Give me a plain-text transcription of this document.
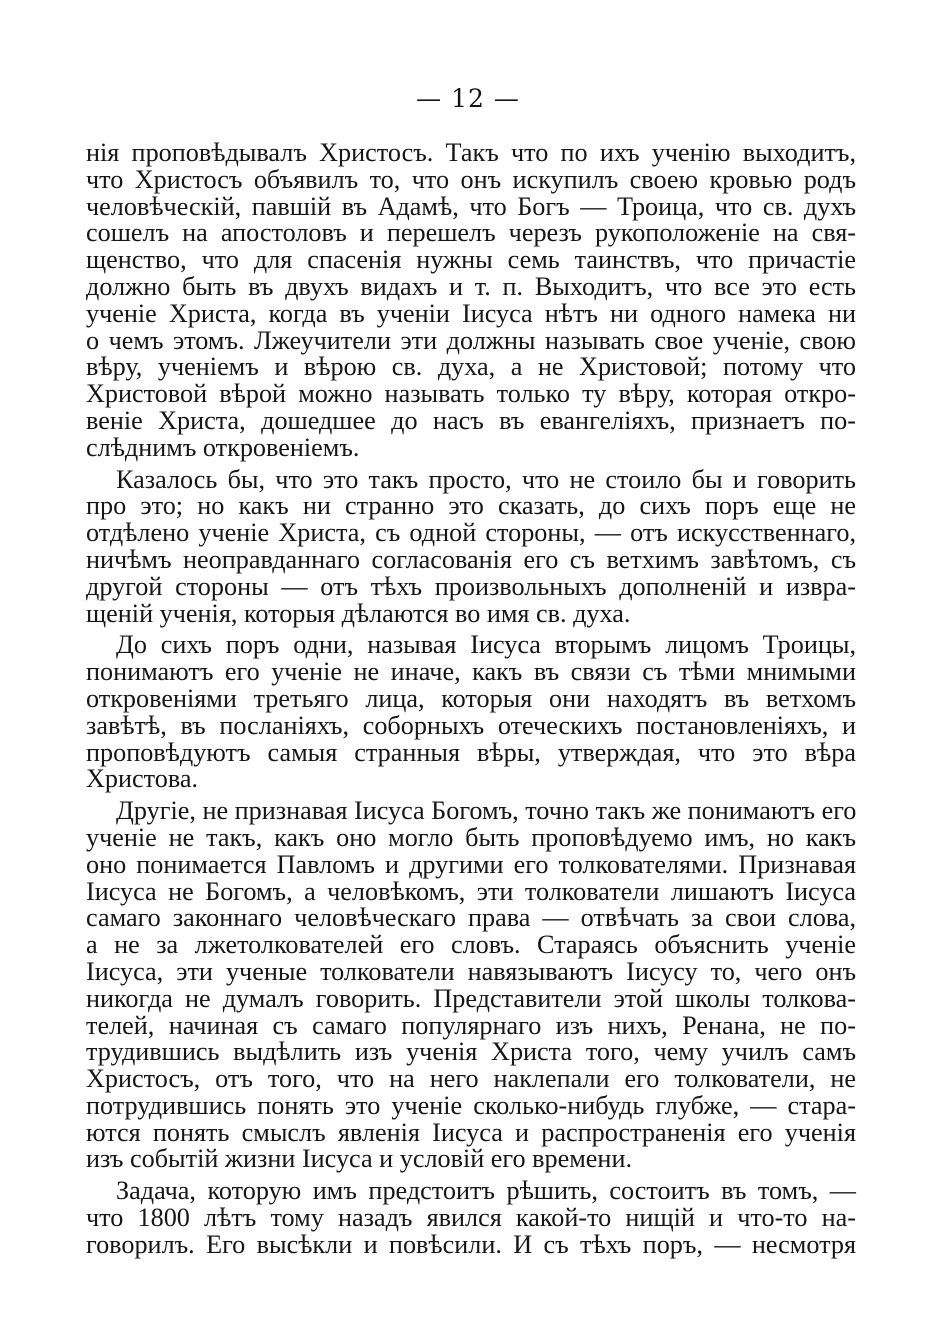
— 12 —
нія проповѣдывалъ Христосъ. Такъ что по ихъ ученію выходитъ,
что Христосъ объявилъ то, что онъ искупилъ своею кровью родъ
человѣческій, павшій въ Адамѣ, что Богъ — Троица, что св. духъ
сошелъ на апостоловъ и перешелъ черезъ рукоположеніе на свя-
щенство, что для спасенія нужны семь таинствъ, что причастіе
должно быть въ двухъ видахъ и т. п. Выходитъ, что все это есть
ученіе Христа, когда въ ученіи Іисуса нѣтъ ни одного намека ни
о чемъ этомъ. Лжеучители эти должны называть свое ученіе, свою
вѣру, ученіемъ и вѣрою св. духа, а не Христовой; потому что
Христовой вѣрой можно называть только ту вѣру, которая откро-
веніе Христа, дошедшее до насъ въ евангеліяхъ, признаетъ по-
слѣднимъ откровеніемъ.
Казалось бы, что это такъ просто, что не стоило бы и говорить
про это; но какъ ни странно это сказать, до сихъ поръ еще не
отдѣлено ученіе Христа, съ одной стороны, — отъ искусственнаго,
ничѣмъ неоправданнаго согласованія его съ ветхимъ завѣтомъ, съ
другой стороны — отъ тѣхъ произвольныхъ дополненій и извра-
щеній ученія, которыя дѣлаются во имя св. духа.
До сихъ поръ одни, называя Іисуса вторымъ лицомъ Троицы,
понимаютъ его ученіе не иначе, какъ въ связи съ тѣми мнимыми
откровеніями третьяго лица, которыя они находятъ въ ветхомъ
завѣтѣ, въ посланіяхъ, соборныхъ отеческихъ постановленіяхъ, и
проповѣдуютъ самыя странныя вѣры, утверждая, что это вѣра
Христова.
Другіе, не признавая Іисуса Богомъ, точно такъ же понимаютъ его
ученіе не такъ, какъ оно могло быть проповѣдуемо имъ, но какъ
оно понимается Павломъ и другими его толкователями. Признавая
Іисуса не Богомъ, а человѣкомъ, эти толкователи лишаютъ Іисуса
самаго законнаго человѣческаго права — отвѣчать за свои слова,
а не за лжетолкователей его словъ. Стараясь объяснить ученіе
Іисуса, эти ученые толкователи навязываютъ Іисусу то, чего онъ
никогда не думалъ говорить. Представители этой школы толкова-
телей, начиная съ самаго популярнаго изъ нихъ, Ренана, не по-
трудившись выдѣлить изъ ученія Христа того, чему училъ самъ
Христосъ, отъ того, что на него наклепали его толкователи, не
потрудившись понять это ученіе сколько-нибудь глубже, — стара-
ются понять смыслъ явленія Іисуса и распространенія его ученія
изъ событій жизни Іисуса и условій его времени.
Задача, которую имъ предстоитъ рѣшить, состоитъ въ томъ, —
что 1800 лѣтъ тому назадъ явился какой-то нищій и что-то на-
говорилъ. Его высѣкли и повѣсили. И съ тѣхъ поръ, — несмотря
